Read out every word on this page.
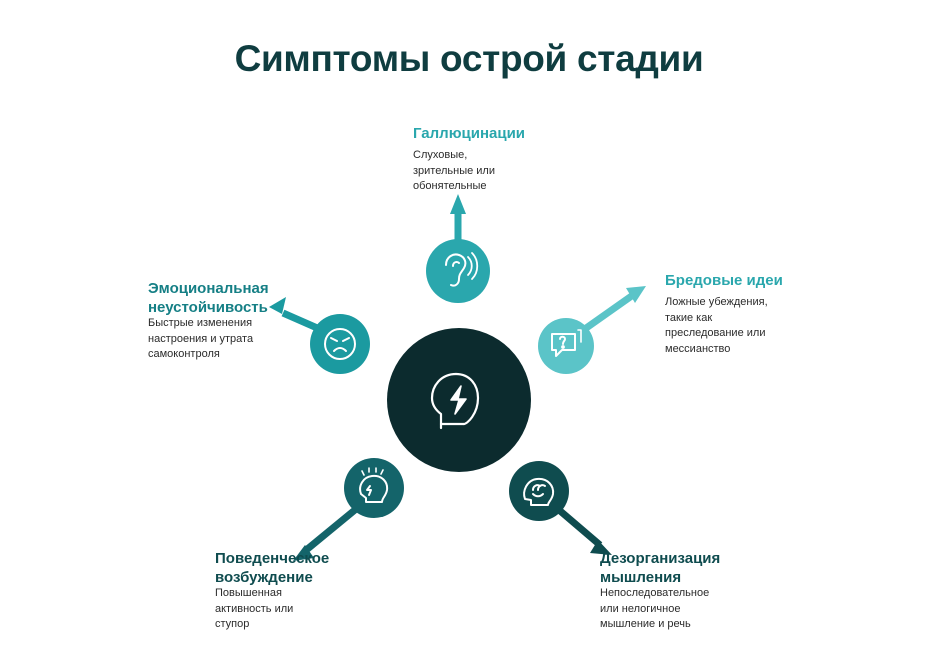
Симптомы острой стадии
Галлюцинации
Слуховые,
зрительные или
обонятельные
Бредовые идеи
Ложные убеждения,
такие как
преследование или
мессианство
Эмоциональная неустойчивость
Быстрые изменения
настроения и утрата
самоконтроля
Поведенческое возбуждение
Повышенная
активность или
ступор
Дезорганизация мышления
Непоследовательное
или нелогичное
мышление и речь
